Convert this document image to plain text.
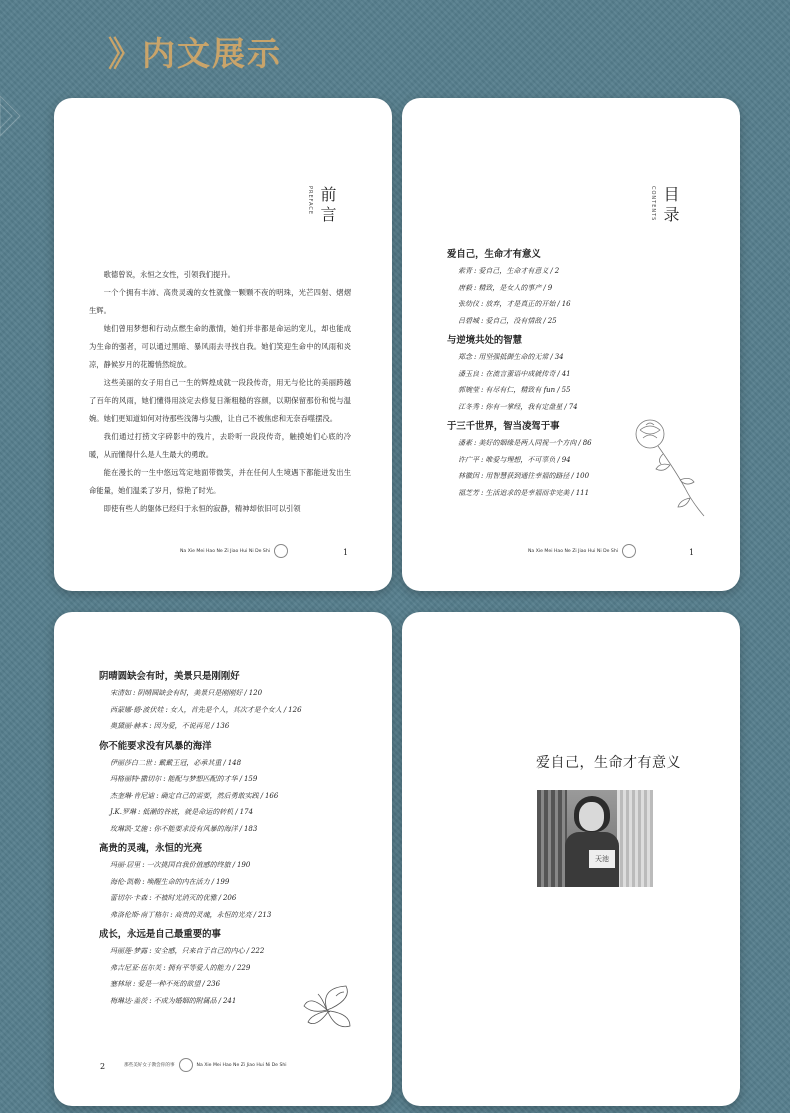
》 内文展示
PREFACE 前言

歌德曾说，永恒之女性，引领我们提升。

一个个拥有丰沛、高贵灵魂的女性就像一颗颗不夜的明珠，光芒四射、熠熠生辉。

她们曾用梦想和行动点燃生命的激情，她们并非都是命运的宠儿，却也能成为生命的强者，可以通过黑暗、暴风雨去寻找自我。她们笑迎生命中的风雨和炎凉，静候岁月的花瓣悄然绽放。

这些美丽的女子用自己一生的辉煌成就一段段传奇，用无与伦比的美丽跨越了百年的风雨，她们懂得用淡定去修复日渐粗糙的容颜，以期保留那份和悦与温婉。她们更知道如何对待那些浅薄与尖酸，让自己不被焦虑和无奈吞噬摆没。

我们通过打捞文字碎影中的残片，去聆听一段段传奇，触摸她们心底的冷暖，从而懂得什么是人生最大的勇敢。

能在漫长的一生中悠远笃定地面带微笑，并在任何人生境遇下都能迸发出生命能量，她们温柔了岁月，惊艳了时光。

即使有些人的躯体已经归于永恒的寂静，精神却依旧可以引领

Na Xie Mei Hao Ne Zi Jiao Hui Ni De Shi	1
CONTENTS 目录
爱自己，生命才有意义
索青 : 爱自己，生命才有意义 / 2
唐毅 : 精致，是女人的事产 / 9
张幼仪 : 放弃，才是真正的开始 / 16
吕碧城 : 爱自己，没有情敌 / 25
与逆境共处的智慧
郑念 : 用坚强抵御生命的无常 / 34
潘玉良 : 在流言蜚语中成就传奇 / 41
郭婉莹 : 有尽有仁，精致有 fun / 55
江冬秀 : 你有一掌经，我有定盘星 / 74
于三千世界，智当凌驾于事
潘素 : 美好的姻缘是两人同视一个方向 / 86
许广平 : 唯爱与理想，不可辜负 / 94
林徽因 : 用智慧获到通往幸福的路径 / 100
福芝芳 : 生活追求的是幸福而非完美 / 111
Na Xie Mei Hao Ne Zi Jiao Hui Ni De Shi	1
阴晴圆缺会有时，美景只是刚刚好
宋清如 : 阴晴圆缺会有时，美景只是刚刚好 / 120
西蒙娜·德·波伏娃 : 女人，首先是个人，其次才是个女人 / 126
奥黛丽·赫本 : 因为爱，不说再见 / 136
你不能要求没有风暴的海洋
伊丽莎白二世 : 戴戴王冠，必承其重 / 148
玛格丽特·撒切尔 : 能配与梦想匹配的才华 / 159
杰奎琳·肯尼迪 : 确定自己的需要，然后勇敢实践 / 166
J.K.罗琳 : 低潮的谷底，就是命运的转机 / 174
玫琳凯·艾施 : 你不能要求没有风暴的海洋 / 183
高贵的灵魂，永恒的光亮
玛丽·居里 : 一次挑国自我价值感的终旅 / 190
海伦·凯勒 : 唤醒生命的内在活力 / 199
蕾切尔·卡森 : 不被时光消灭的优雅 / 206
弗洛伦斯·南丁格尔 : 高贵的灵魂，永恒的光亮 / 213
成长，永远是自己最重要的事
玛丽莲·梦露 : 安全感，只来自于自己的内心 / 222
弗吉尼亚·伍尔芙 : 拥有平等爱人的能力 / 229
塞林琼 : 爱是一种不死的欲望 / 236
梅琳达·盖茨 : 不成为婚姻的附属品 / 241
2	那些美好女子教会你的事	Na Xie Mei Hao Ne Zi Jiao Hui Ni De Shi
爱自己，生命才有意义
天池
